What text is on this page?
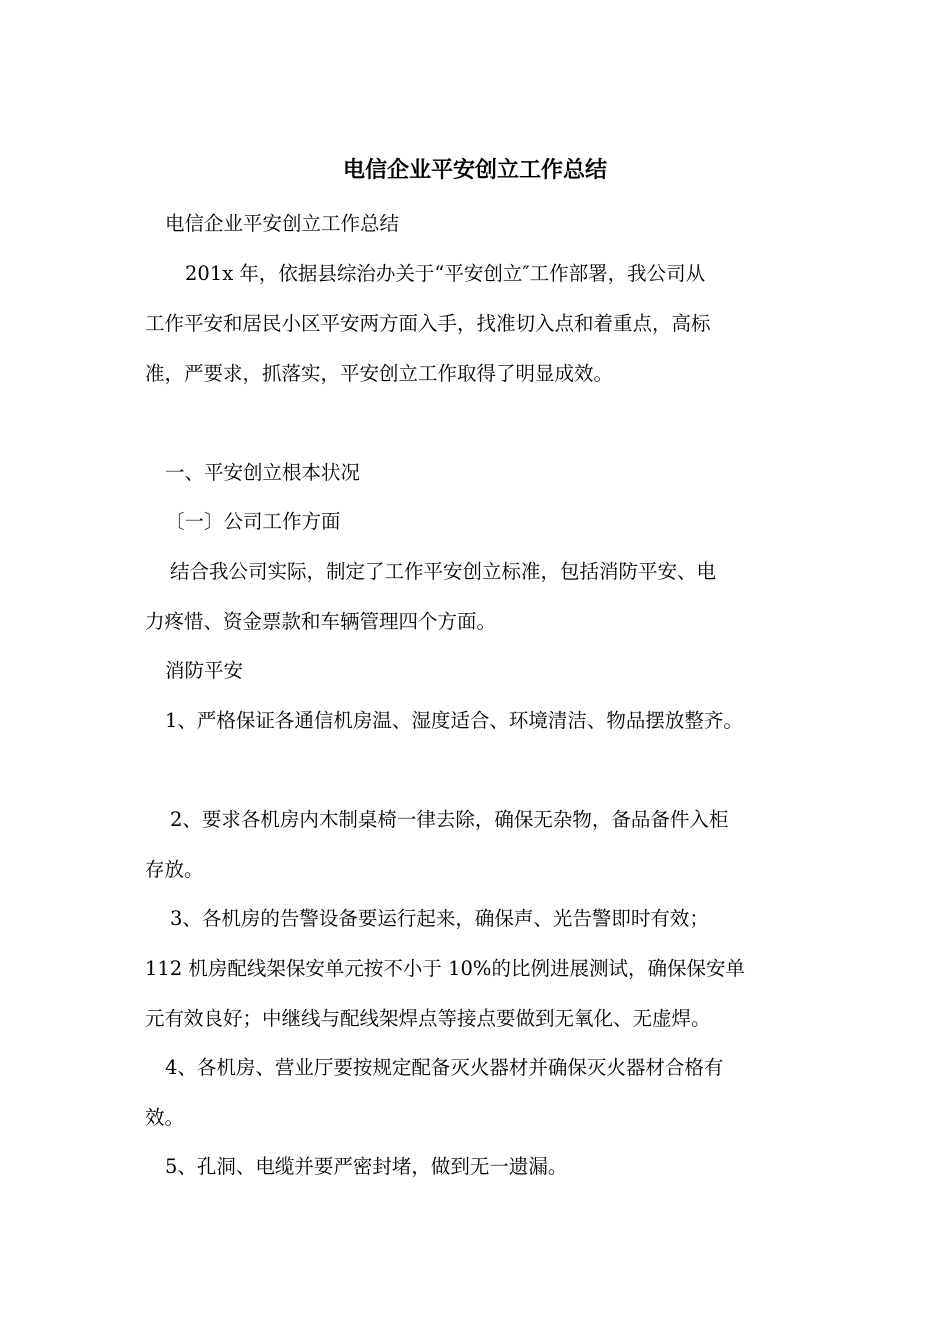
电信企业平安创立工作总结
电信企业平安创立工作总结
201x 年，依据县综治办关于“平安创立″工作部署，我公司从
工作平安和居民小区平安两方面入手，找准切入点和着重点，高标
准，严要求，抓落实，平安创立工作取得了明显成效。
一、平安创立根本状况
〔一〕公司工作方面
结合我公司实际，制定了工作平安创立标准，包括消防平安、电
力疼惜、资金票款和车辆管理四个方面。
消防平安
1、严格保证各通信机房温、湿度适合、环境清洁、物品摆放整齐。
2、要求各机房内木制桌椅一律去除，确保无杂物，备品备件入柜
存放。
3、各机房的告警设备要运行起来，确保声、光告警即时有效；
112 机房配线架保安单元按不小于 10%的比例进展测试，确保保安单
元有效良好；中继线与配线架焊点等接点要做到无氧化、无虚焊。
4、各机房、营业厅要按规定配备灭火器材并确保灭火器材合格有
效。
5、孔洞、电缆并要严密封堵，做到无一遗漏。
